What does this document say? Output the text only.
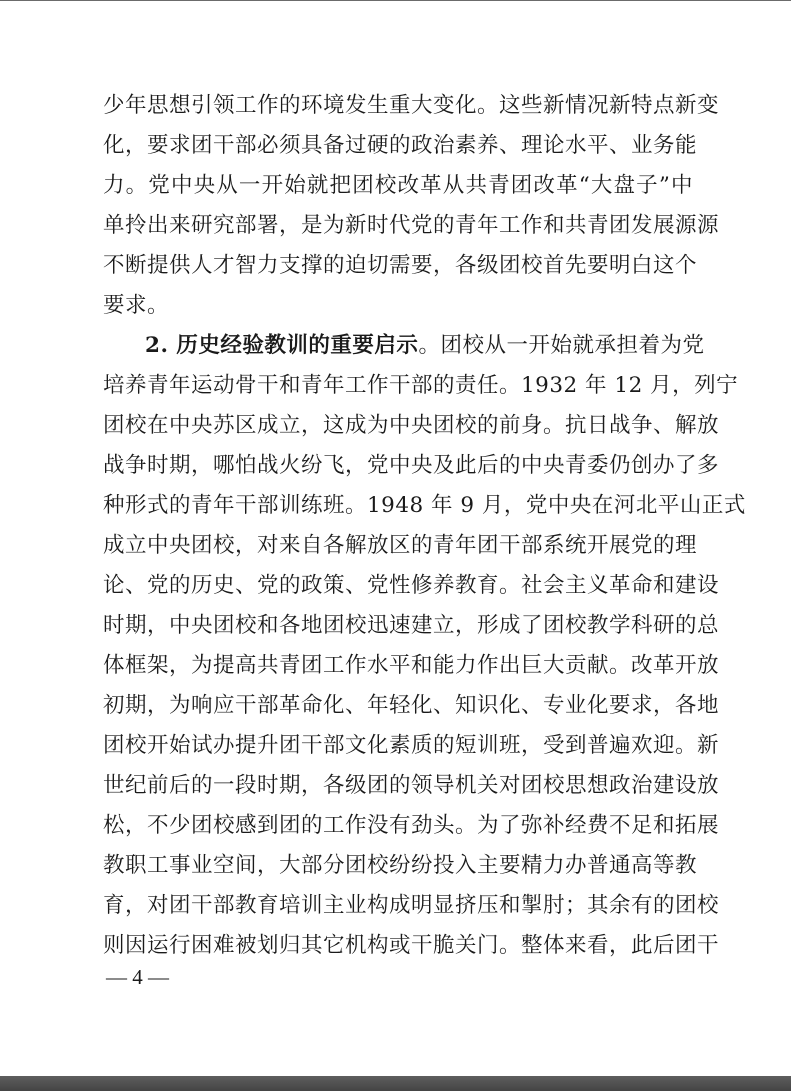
少年思想引领工作的环境发生重大变化。这些新情况新特点新变
化，要求团干部必须具备过硬的政治素养、理论水平、业务能
力。党中央从一开始就把团校改革从共青团改革“大盘子”中
单拎出来研究部署，是为新时代党的青年工作和共青团发展源源
不断提供人才智力支撑的迫切需要，各级团校首先要明白这个
要求。
2. 历史经验教训的重要启示。团校从一开始就承担着为党
培养青年运动骨干和青年工作干部的责任。1932 年 12 月，列宁
团校在中央苏区成立，这成为中央团校的前身。抗日战争、解放
战争时期，哪怕战火纷飞，党中央及此后的中央青委仍创办了多
种形式的青年干部训练班。1948 年 9 月，党中央在河北平山正式
成立中央团校，对来自各解放区的青年团干部系统开展党的理
论、党的历史、党的政策、党性修养教育。社会主义革命和建设
时期，中央团校和各地团校迅速建立，形成了团校教学科研的总
体框架，为提高共青团工作水平和能力作出巨大贡献。改革开放
初期，为响应干部革命化、年轻化、知识化、专业化要求，各地
团校开始试办提升团干部文化素质的短训班，受到普遍欢迎。新
世纪前后的一段时期，各级团的领导机关对团校思想政治建设放
松，不少团校感到团的工作没有劲头。为了弥补经费不足和拓展
教职工事业空间，大部分团校纷纷投入主要精力办普通高等教
育，对团干部教育培训主业构成明显挤压和掣肘；其余有的团校
则因运行困难被划归其它机构或干脆关门。整体来看，此后团干
— 4 —
